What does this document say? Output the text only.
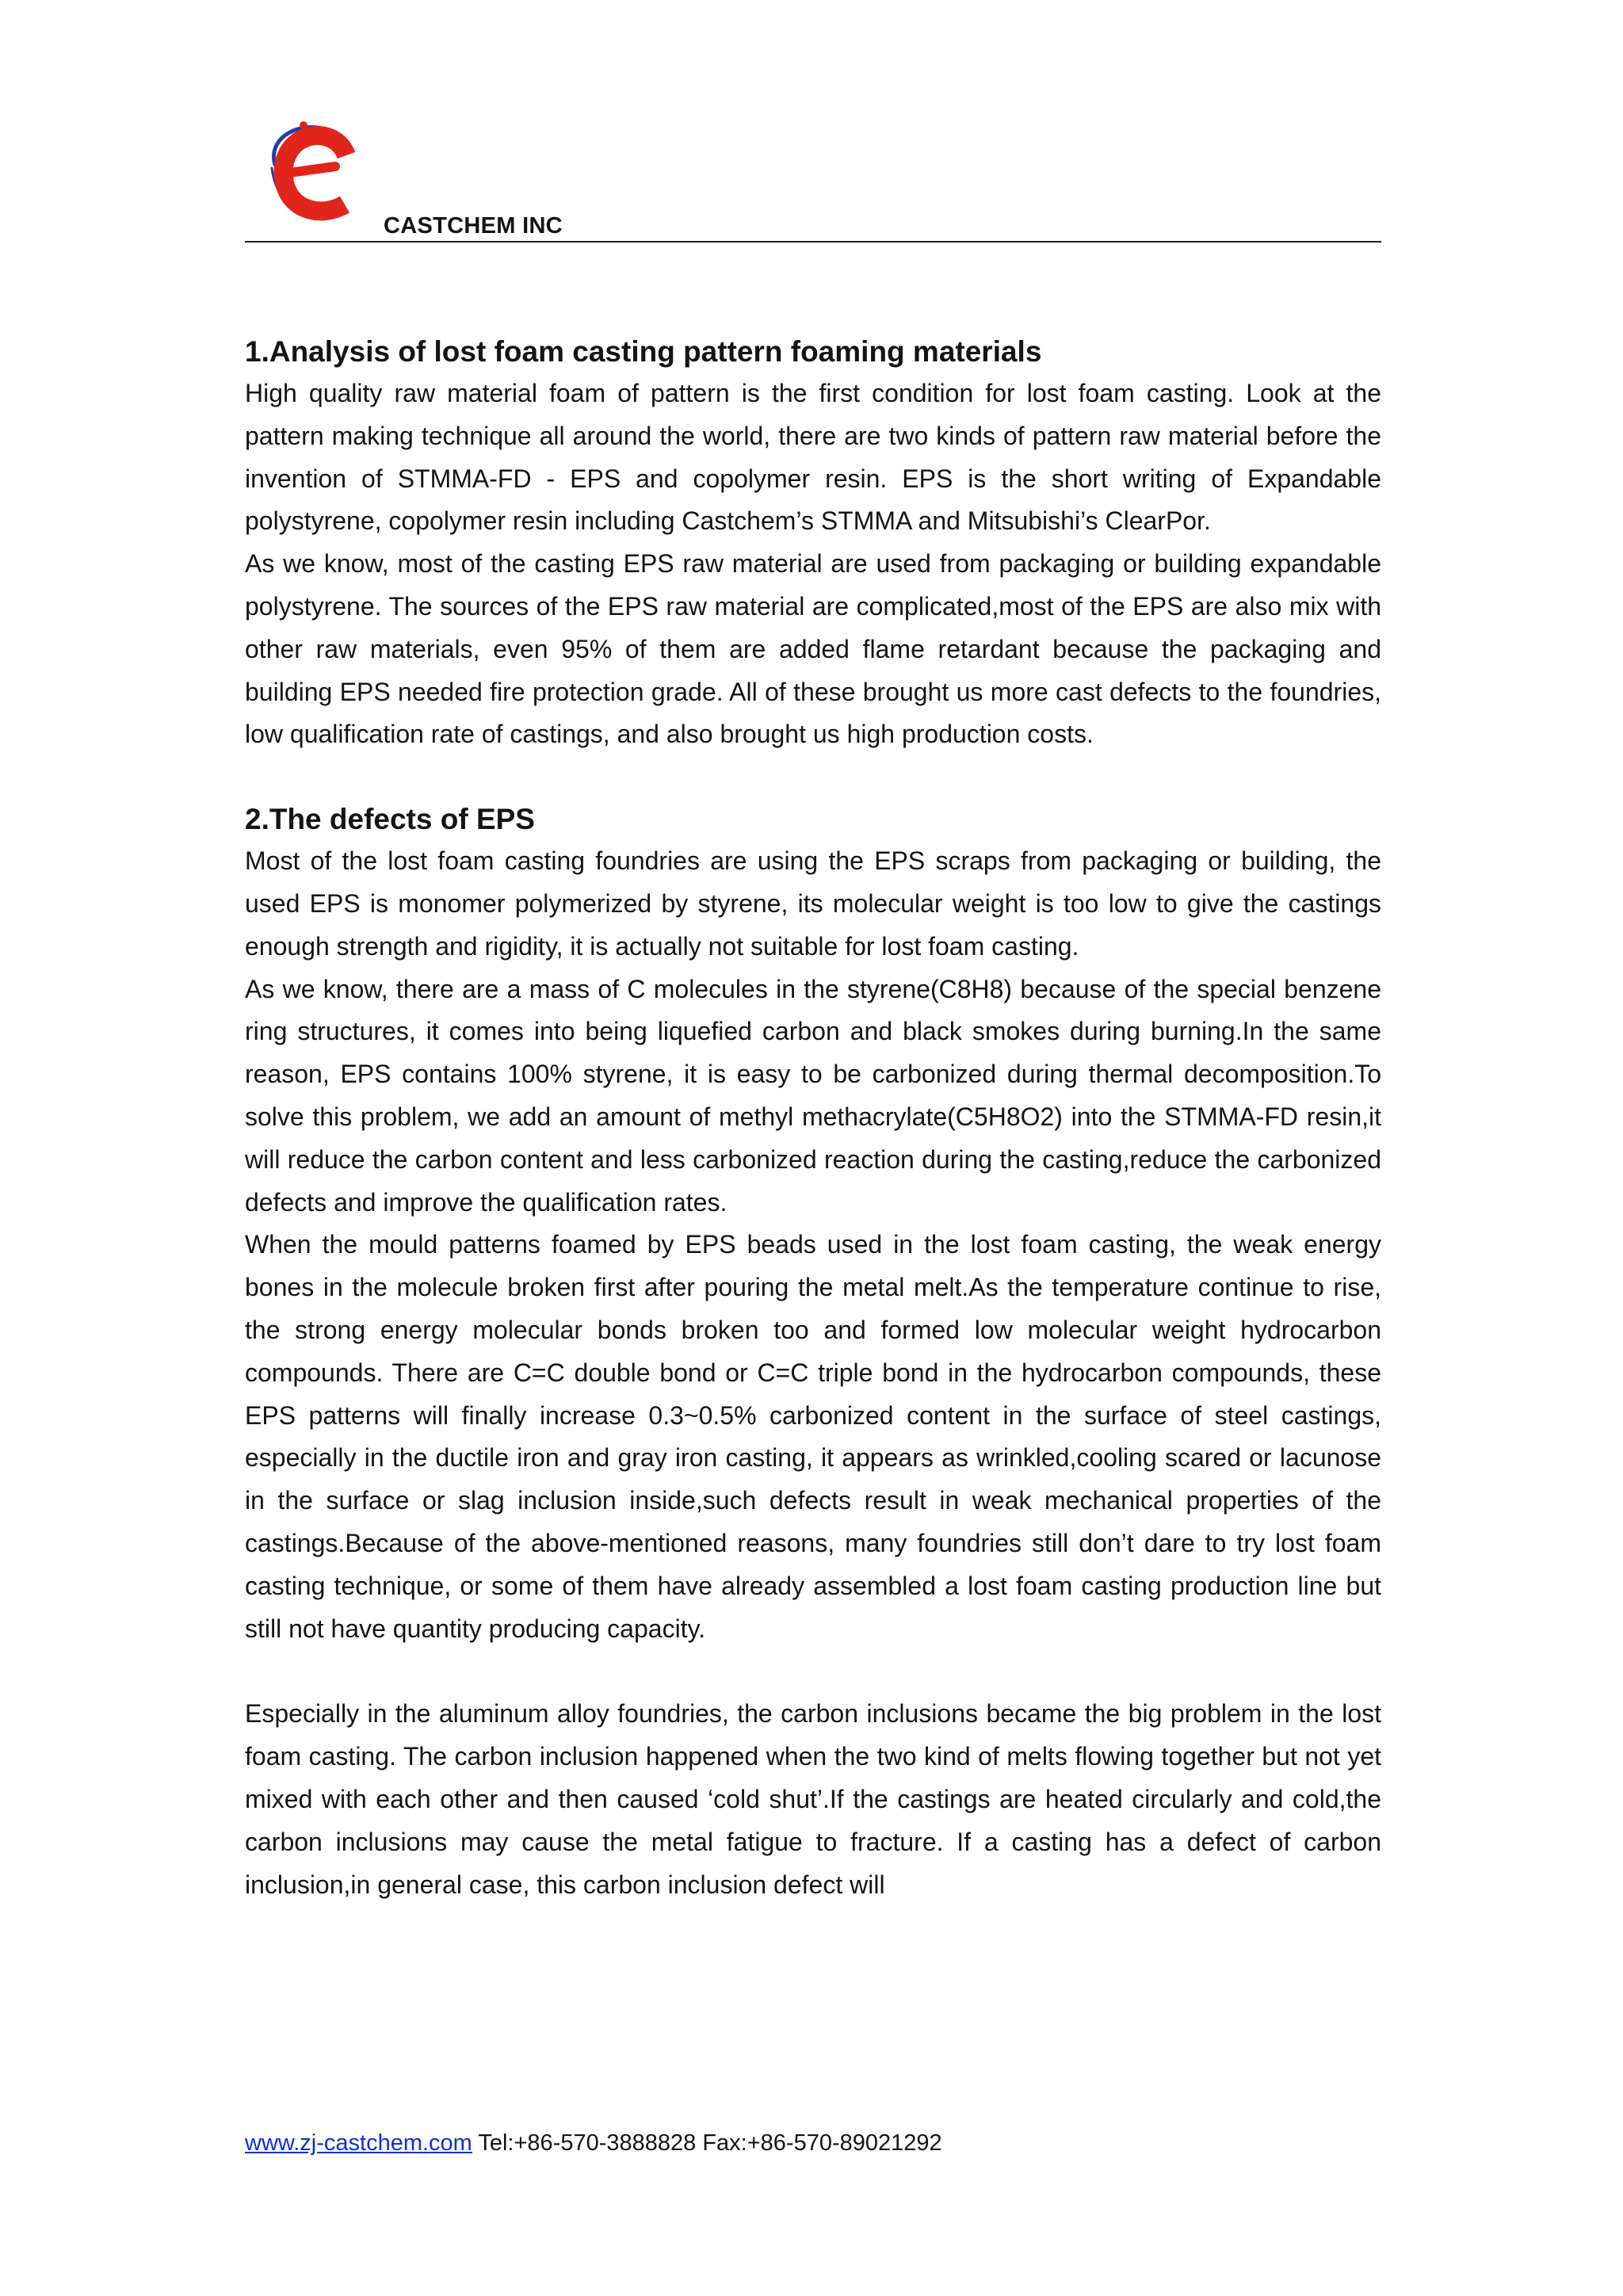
CASTCHEM INC
1.Analysis of lost foam casting pattern foaming materials

High quality raw material foam of pattern is the first condition for lost foam casting. Look at the pattern making technique all around the world, there are two kinds of pattern raw material before the invention of STMMA-FD - EPS and copolymer resin. EPS is the short writing of Expandable polystyrene, copolymer resin including Castchem’s STMMA and Mitsubishi’s ClearPor.

As we know, most of the casting EPS raw material are used from packaging or building expandable polystyrene. The sources of the EPS raw material are complicated,most of the EPS are also mix with other raw materials, even 95% of them are added flame retardant because the packaging and building EPS needed fire protection grade. All of these brought us more cast defects to the foundries, low qualification rate of castings, and also brought us high production costs.

2.The defects of EPS

Most of the lost foam casting foundries are using the EPS scraps from packaging or building, the used EPS is monomer polymerized by styrene, its molecular weight is too low to give the castings enough strength and rigidity, it is actually not suitable for lost foam casting.

As we know, there are a mass of C molecules in the styrene(C8H8) because of the special benzene ring structures, it comes into being liquefied carbon and black smokes during burning.In the same reason, EPS contains 100% styrene, it is easy to be carbonized during thermal decomposition.To solve this problem, we add an amount of methyl methacrylate(C5H8O2) into the STMMA-FD resin,it will reduce the carbon content and less carbonized reaction during the casting,reduce the carbonized defects and improve the qualification rates.

When the mould patterns foamed by EPS beads used in the lost foam casting, the weak energy bones in the molecule broken first after pouring the metal melt.As the temperature continue to rise, the strong energy molecular bonds broken too and formed low molecular weight hydrocarbon compounds. There are C=C double bond or C=C triple bond in the hydrocarbon compounds, these EPS patterns will finally increase 0.3~0.5% carbonized content in the surface of steel castings, especially in the ductile iron and gray iron casting, it appears as wrinkled,cooling scared or lacunose in the surface or slag inclusion inside,such defects result in weak mechanical properties of the castings.Because of the above-mentioned reasons, many foundries still don’t dare to try lost foam casting technique, or some of them have already assembled a lost foam casting production line but still not have quantity producing capacity.

Especially in the aluminum alloy foundries, the carbon inclusions became the big problem in the lost foam casting. The carbon inclusion happened when the two kind of melts flowing together but not yet mixed with each other and then caused ‘cold shut’.If the castings are heated circularly and cold,the carbon inclusions may cause the metal fatigue to fracture. If a casting has a defect of carbon inclusion,in general case, this carbon inclusion defect will

www.zj-castchem.com Tel:+86-570-3888828 Fax:+86-570-89021292
